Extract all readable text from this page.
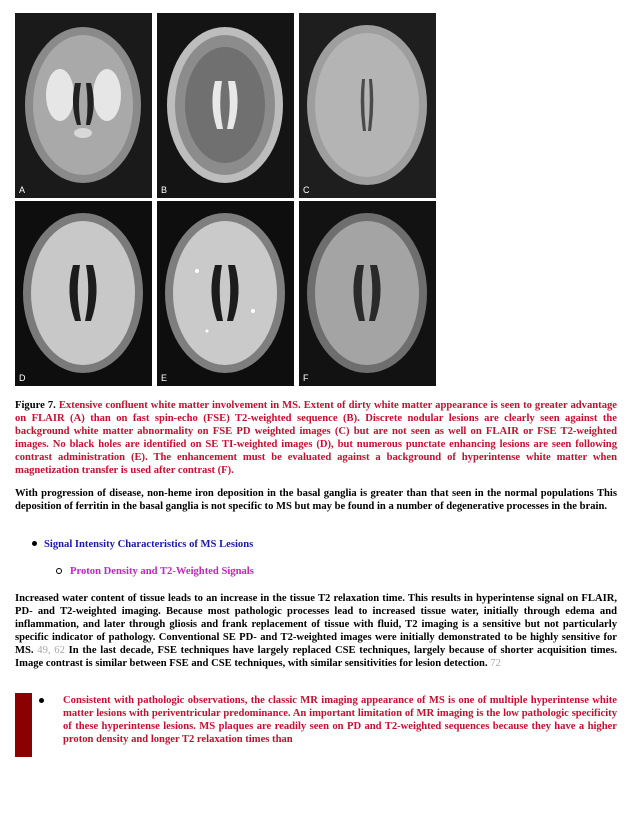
A	B	C
D	E	F
Figure 7. Extensive confluent white matter involvement in MS. Extent of dirty white matter appearance is seen to greater advantage on FLAIR (A) than on fast spin-echo (FSE) T2-weighted sequence (B). Discrete nodular lesions are clearly seen against the background white matter abnormality on FSE PD weighted images (C) but are not seen as well on FLAIR or FSE T2-weighted images. No black holes are identified on SE TI-weighted images (D), but numerous punctate enhancing lesions are seen following contrast administration (E). The enhancement must be evaluated against a background of hyperintense white matter when magnetization transfer is used after contrast (F).
With progression of disease, non-heme iron deposition in the basal ganglia is greater than that seen in the normal populations This deposition of ferritin in the basal ganglia is not specific to MS but may be found in a number of degenerative processes in the brain.
Signal Intensity Characteristics of MS Lesions
Proton Density and T2-Weighted Signals
Increased water content of tissue leads to an increase in the tissue T2 relaxation time. This results in hyperintense signal on FLAIR, PD- and T2-weighted imaging. Because most pathologic processes lead to increased tissue water, initially through edema and inflammation, and later through gliosis and frank replacement of tissue with fluid, T2 imaging is a sensitive but not particularly specific indicator of pathology. Conventional SE PD- and T2-weighted images were initially demonstrated to be highly sensitive for MS. 49, 62 In the last decade, FSE techniques have largely replaced CSE techniques, largely because of shorter acquisition times. Image contrast is similar between FSE and CSE techniques, with similar sensitivities for lesion detection. 72
Consistent with pathologic observations, the classic MR imaging appearance of MS is one of multiple hyperintense white matter lesions with periventricular predominance. An important limitation of MR imaging is the low pathologic specificity of these hyperintense lesions. MS plaques are readily seen on PD and T2-weighted sequences because they have a higher proton density and longer T2 relaxation times than
